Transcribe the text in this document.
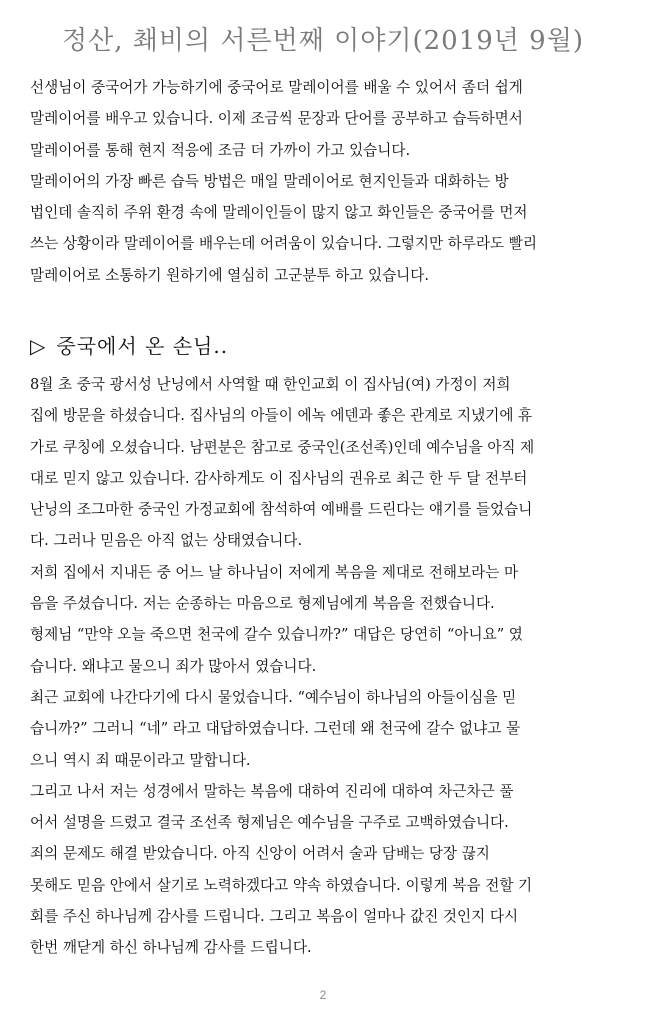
정산, 쵀비의 서른번째 이야기(2019년 9월)
선생님이 중국어가 가능하기에 중국어로 말레이어를 배울 수 있어서 좀더 쉽게
말레이어를 배우고 있습니다. 이제 조금씩 문장과 단어를 공부하고 습득하면서
말레이어를 통해 현지 적응에 조금 더 가까이 가고 있습니다.
말레이어의 가장 빠른 습득 방법은 매일 말레이어로 현지인들과 대화하는 방
법인데 솔직히 주위 환경 속에 말레이인들이 많지 않고 화인들은 중국어를 먼저
쓰는 상황이라 말레이어를 배우는데 어려움이 있습니다. 그렇지만 하루라도 빨리
말레이어로 소통하기 원하기에 열심히 고군분투 하고 있습니다.
▷ 중국에서 온 손님..
8월 초 중국 광서성 난닝에서 사역할 때 한인교회 이 집사님(여) 가정이 저희
집에 방문을 하셨습니다. 집사님의 아들이 에녹 에덴과 좋은 관계로 지냈기에 휴
가로 쿠칭에 오셨습니다. 남편분은 참고로 중국인(조선족)인데 예수님을 아직 제
대로 믿지 않고 있습니다. 감사하게도 이 집사님의 권유로 최근 한 두 달 전부터
난닝의 조그마한 중국인 가정교회에 참석하여 예배를 드린다는 얘기를 들었습니
다. 그러나 믿음은 아직 없는 상태였습니다.
저희 집에서 지내든 중 어느 날 하나님이 저에게 복음을 제대로 전해보라는 마
음을 주셨습니다. 저는 순종하는 마음으로 형제님에게 복음을 전했습니다.
형제님 “만약 오늘 죽으면 천국에 갈수 있습니까?” 대답은 당연히 “아니요” 였
습니다. 왜냐고 물으니 죄가 많아서 였습니다.
최근 교회에 나간다기에 다시 물었습니다. “예수님이 하나님의 아들이심을 믿
습니까?” 그러니 “네” 라고 대답하였습니다. 그런데 왜 천국에 갈수 없냐고 물
으니 역시 죄 때문이라고 말합니다.
그리고 나서 저는 성경에서 말하는 복음에 대하여 진리에 대하여 차근차근 풀
어서 설명을 드렸고 결국 조선족 형제님은 예수님을 구주로 고백하였습니다.
죄의 문제도 해결 받았습니다. 아직 신앙이 어려서 술과 담배는 당장 끊지
못해도 믿음 안에서 살기로 노력하겠다고 약속 하였습니다. 이렇게 복음 전할 기
회를 주신 하나님께 감사를 드립니다. 그리고 복음이 얼마나 값진 것인지 다시
한번 깨닫게 하신 하나님께 감사를 드립니다.
2
